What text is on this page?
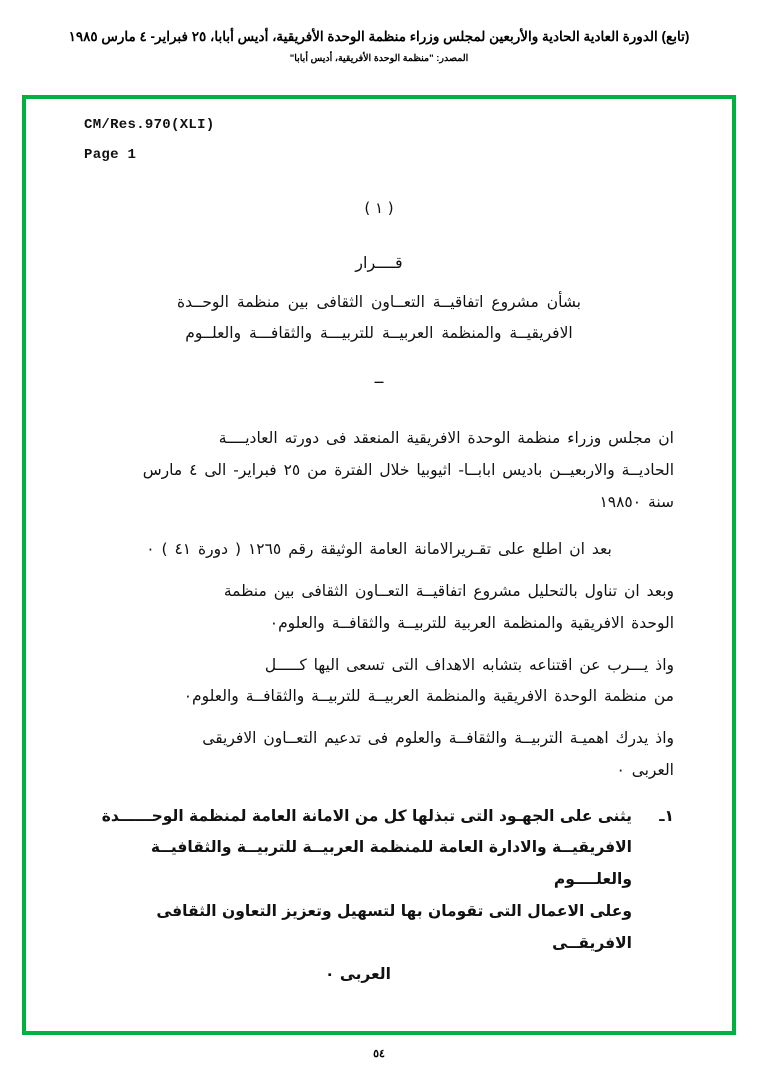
(تابع) الدورة العادية الحادية والأربعين لمجلس وزراء منظمة الوحدة الأفريقية، أديس أبابا، ٢٥ فبراير- ٤ مارس ١٩٨٥
المصدر: "منظمة الوحدة الأفريقية، أديس أبابا"
CM/Res.970(XLI)
Page 1
( ١ )
قــــرار
بشأن مشروع اتفاقيــة التعــاون الثقافى بين منظمة الوحــدة
الافريقيــة والمنظمة العربيــة للتربيـــة والثقافـــة والعلــوم
ــ
ان مجلس وزراء منظمة الوحدة الافريقية المنعقد فى دورته العاديــــة
الحاديــة والاربعيــن باديس ابابــا- اثيوبيا خلال الفترة من ٢٥ فبراير- الى ٤ مارس
سنة ١٩٨٥٠
بعد ان اطلع على تقـريرالامانة العامة الوثيقة رقم ١٢٦٥ ( دورة ٤١ ) ٠
وبعد ان تناول بالتحليل مشروع اتفاقيــة التعــاون الثقافى بين منظمة
الوحدة الافريقية والمنظمة العربية للتربيــة والثقافــة والعلوم٠
واذ يـــرب عن اقتناعه بتشابه الاهداف التى تسعى اليها كـــــل
من منظمة الوحدة الافريقية والمنظمة العربيــة للتربيــة والثقافــة والعلوم٠
واذ يدرك اهميـة التربيــة والثقافــة والعلوم فى تدعيم التعــاون الافريقى
العربى ٠
١ـ
يثنى على الجهـود التى تبذلها كل من الامانة العامة لمنظمة الوحــــــدة
الافريقيــة والادارة العامة للمنظمة العربيــة للتربيــة والثقافيــة والعلــــوم
وعلى الاعمال التى تقومان بها لتسهيل وتعزيز التعاون الثقافى الافريقــى
العربى ٠
٥٤
